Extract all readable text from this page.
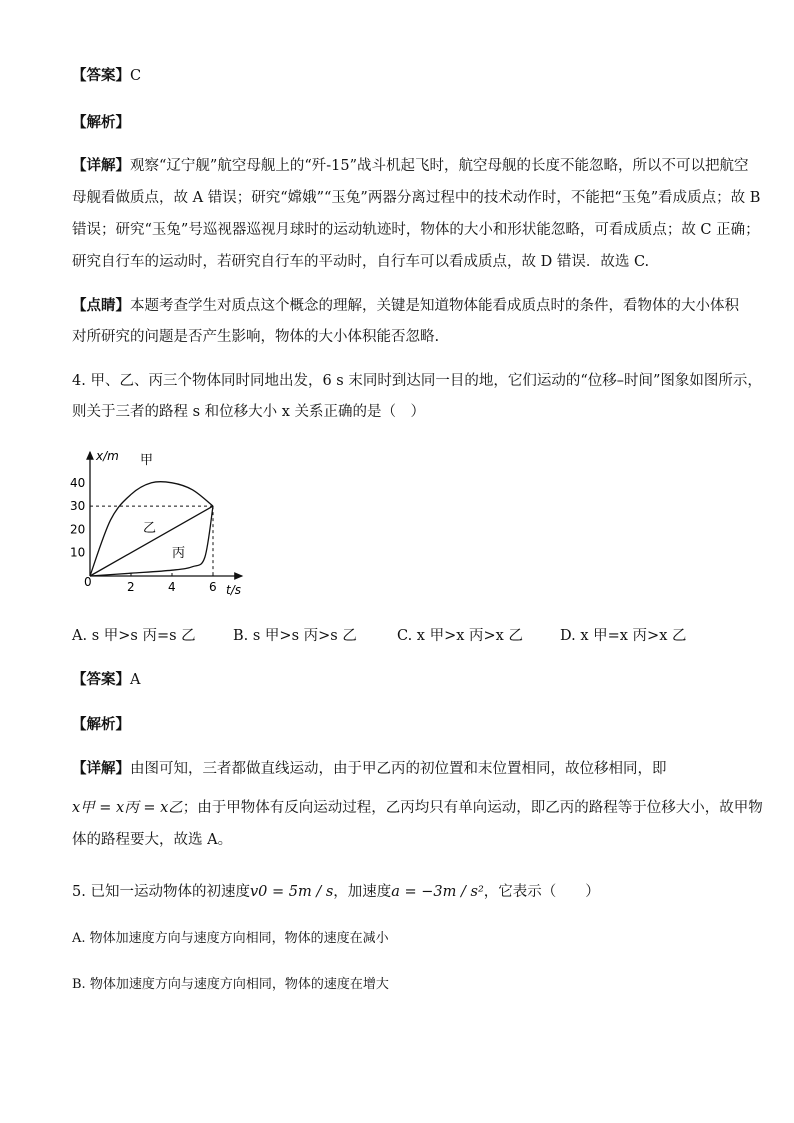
【答案】C
【解析】
【详解】观察“辽宁舰”航空母舰上的“歼-15”战斗机起飞时，航空母舰的长度不能忽略，所以不可以把航空
母舰看做质点，故 A 错误；研究“嫦娥”“玉兔”两器分离过程中的技术动作时，不能把“玉兔”看成质点；故 B
错误；研究“玉兔”号巡视器巡视月球时的运动轨迹时，物体的大小和形状能忽略，可看成质点；故 C 正确；
研究自行车的运动时，若研究自行车的平动时，自行车可以看成质点，故 D 错误．故选 C.
【点睛】本题考查学生对质点这个概念的理解，关键是知道物体能看成质点时的条件，看物体的大小体积
对所研究的问题是否产生影响，物体的大小体积能否忽略.
4. 甲、乙、丙三个物体同时同地出发，6 s 末同时到达同一目的地，它们运动的“位移–时间”图象如图所示，
则关于三者的路程 s 和位移大小 x 关系正确的是（　）
2	4	6
10
20
30
40
x/m
t/s
0
甲
乙
丙
A. s 甲>s 丙=s 乙	B. s 甲>s 丙>s 乙	C. x 甲>x 丙>x 乙	D. x 甲=x 丙>x 乙
【答案】A
【解析】
【详解】由图可知，三者都做直线运动，由于甲乙丙的初位置和末位置相同，故位移相同，即
x甲 = x丙 = x乙；由于甲物体有反向运动过程，乙丙均只有单向运动，即乙丙的路程等于位移大小，故甲物
体的路程要大，故选 A。
5. 已知一运动物体的初速度v0 = 5m / s，加速度a = −3m / s²，它表示（　　）
A. 物体加速度方向与速度方向相同，物体的速度在减小
B. 物体加速度方向与速度方向相同，物体的速度在增大
